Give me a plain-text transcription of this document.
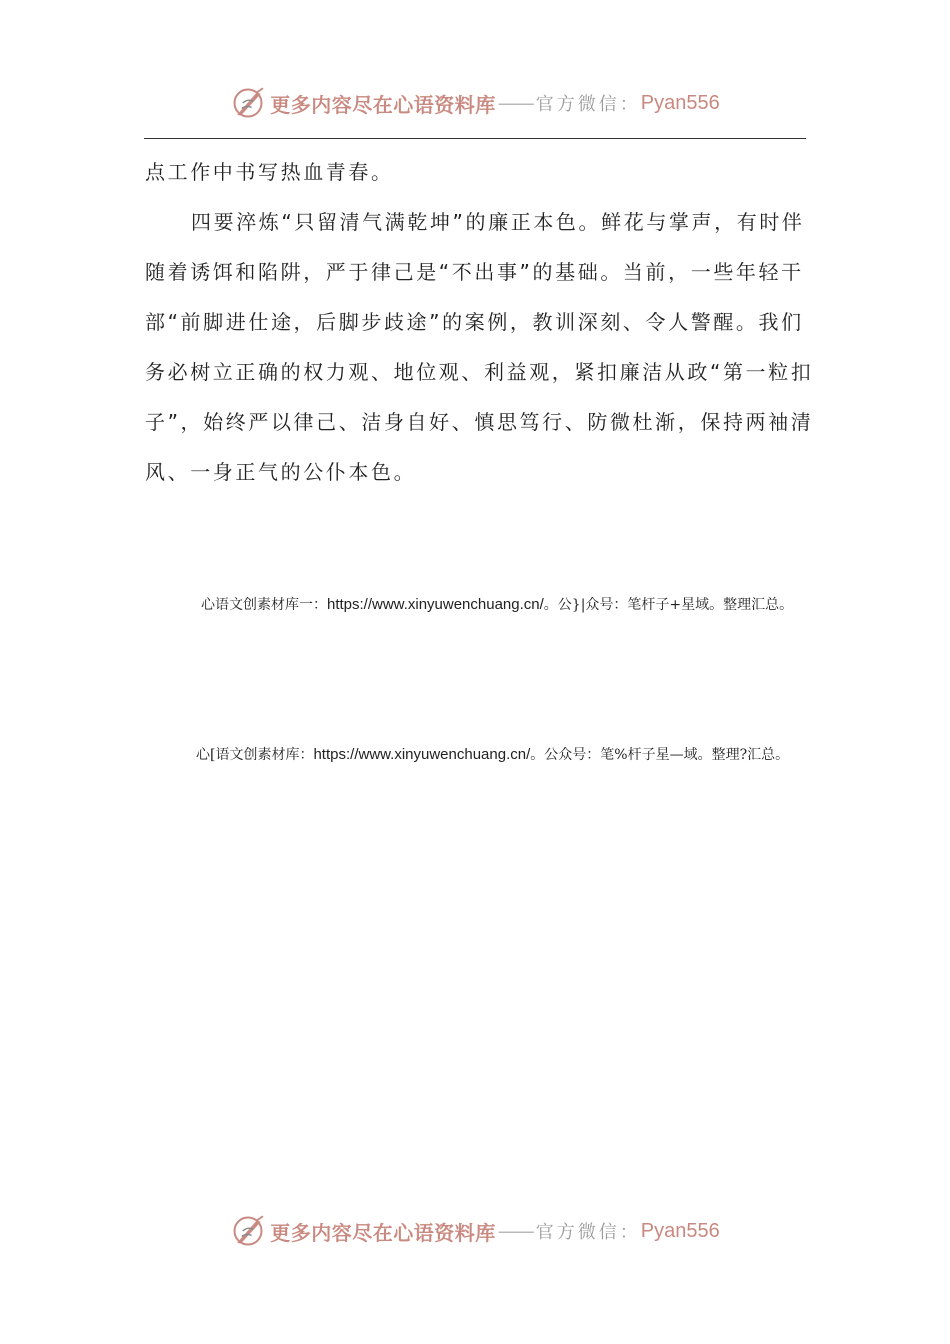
更多内容尽在心语资料库 —— 官方微信： Pyan556

点工作中书写热血青春。

四要淬炼“只留清气满乾坤”的廉正本色。鲜花与掌声，有时伴随着诱饵和陷阱，严于律己是“不出事”的基础。当前，一些年轻干部“前脚进仕途，后脚步歧途”的案例，教训深刻、令人警醒。我们务必树立正确的权力观、地位观、利益观，紧扣廉洁从政“第一粒扣子”，始终严以律己、洁身自好、慎思笃行、防微杜渐，保持两袖清风、一身正气的公仆本色。

心语文创素材库一：https://www.xinyuwenchuang.cn/。公}|众号：笔杆子+星域。整理汇总。

心[语文创素材库：https://www.xinyuwenchuang.cn/。公众号：笔%杆子星—域。整理?汇总。

更多内容尽在心语资料库 —— 官方微信： Pyan556
